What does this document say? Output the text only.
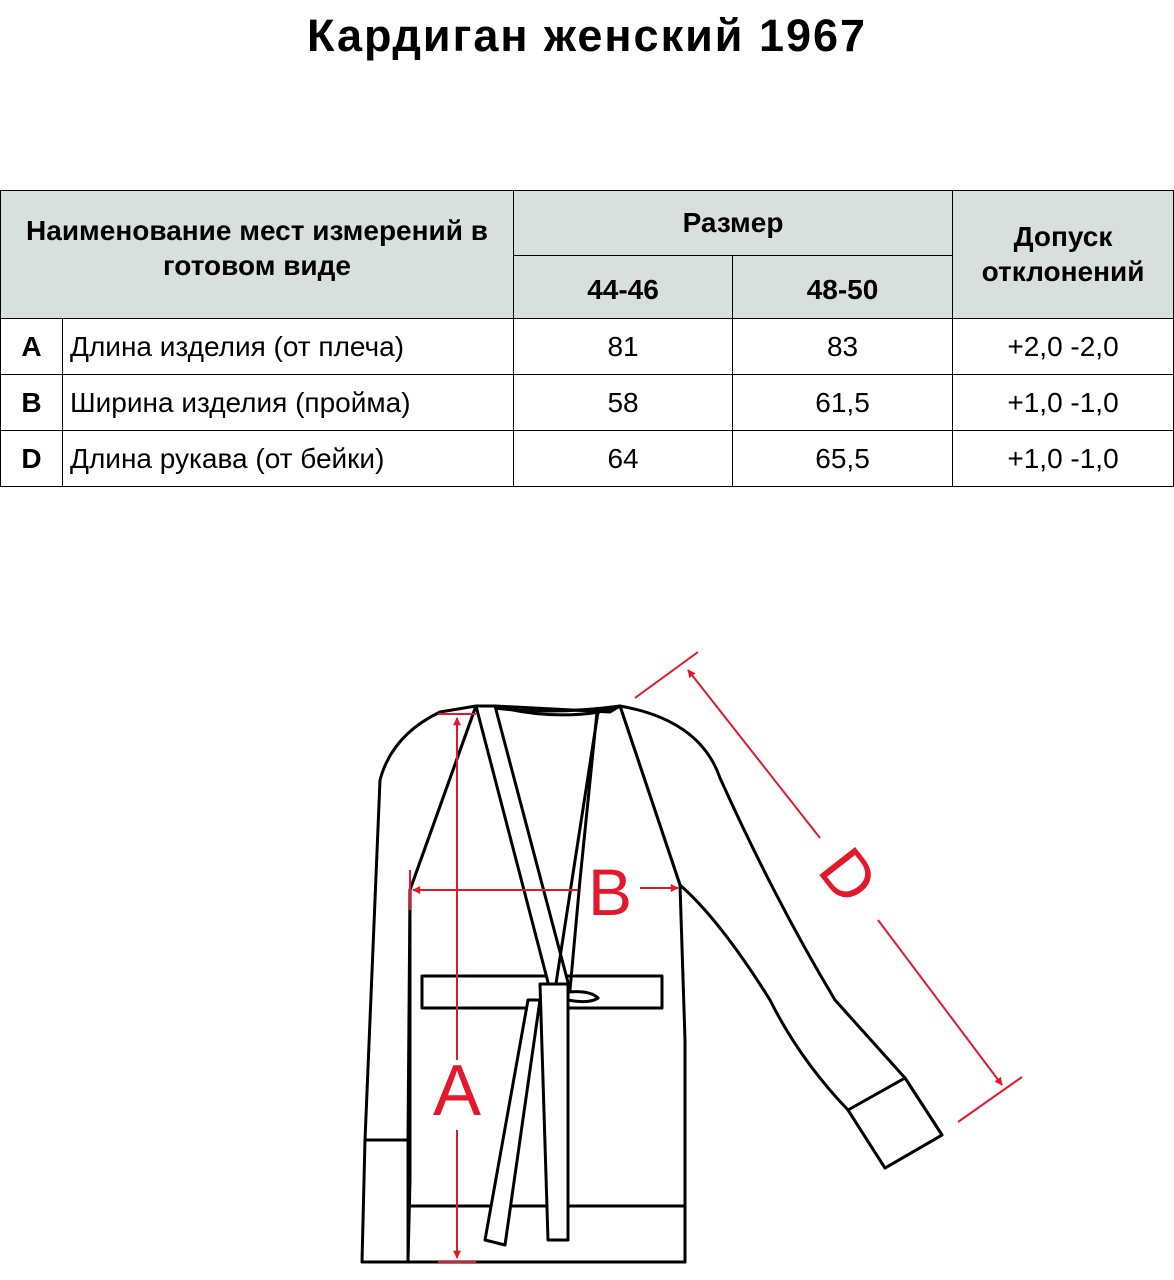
Кардиган женский 1967
Наименование мест измерений в готовом виде		Размер		Допуск отклонений
		44-46	48-50	
A	Длина изделия (от плеча)	81	83	+2,0 -2,0
B	Ширина изделия (пройма)	58	61,5	+1,0 -1,0
D	Длина рукава (от бейки)	64	65,5	+1,0 -1,0
A
B	D
